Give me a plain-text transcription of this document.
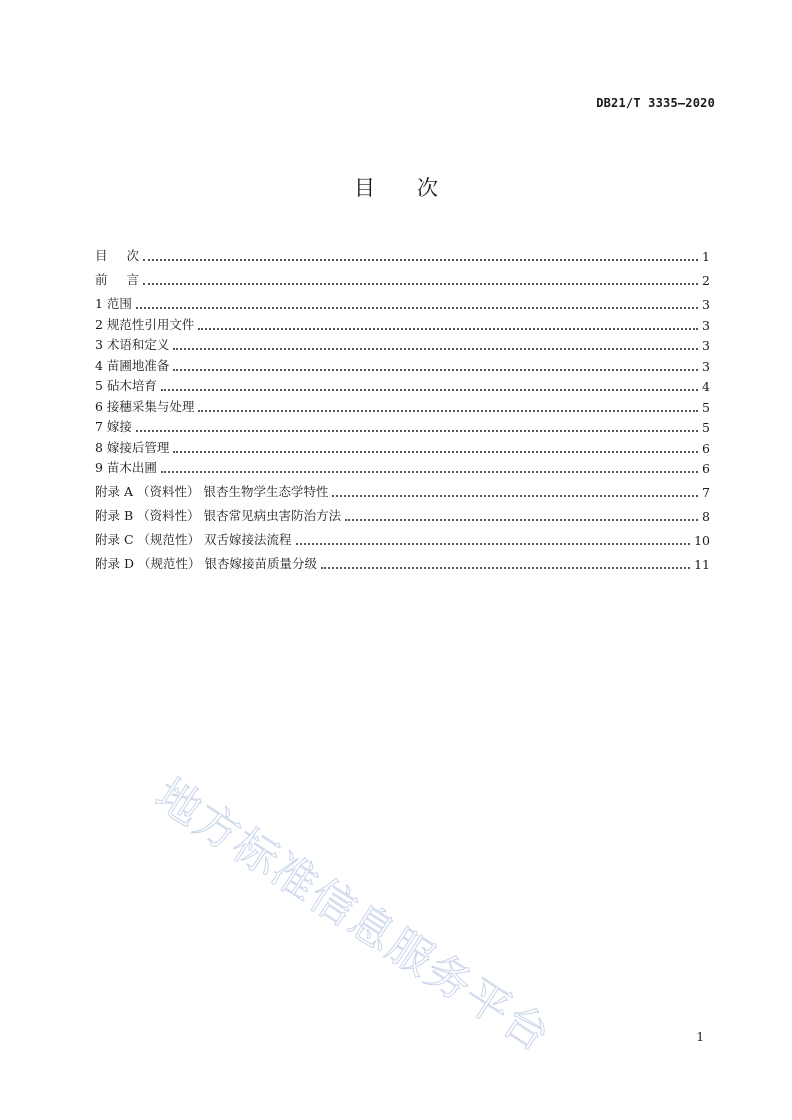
DB21/T 3335—2020
目 次
目次	1
前言	2
1 范围	3
2 规范性引用文件	3
3 术语和定义	3
4 苗圃地准备	3
5 砧木培育	4
6 接穗采集与处理	5
7 嫁接	5
8 嫁接后管理	6
9 苗木出圃	6
附录 A （资料性） 银杏生物学生态学特性	7
附录 B （资料性） 银杏常见病虫害防治方法	8
附录 C （规范性） 双舌嫁接法流程	10
附录 D （规范性） 银杏嫁接苗质量分级	11
地方标准信息服务平台	1
